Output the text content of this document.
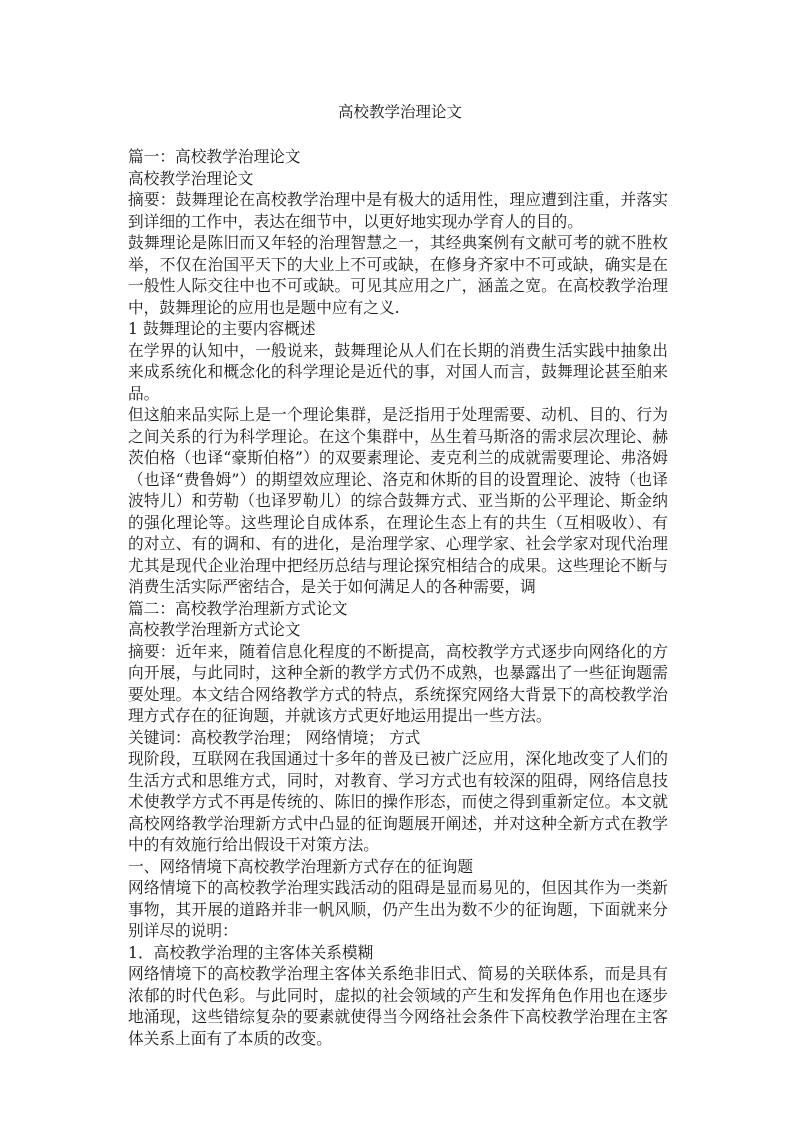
高校教学治理论文

篇一：高校教学治理论文

高校教学治理论文

摘要：鼓舞理论在高校教学治理中是有极大的适用性，理应遭到注重，并落实到详细的工作中，表达在细节中，以更好地实现办学育人的目的。

鼓舞理论是陈旧而又年轻的治理智慧之一，其经典案例有文献可考的就不胜枚举，不仅在治国平天下的大业上不可或缺，在修身齐家中不可或缺，确实是在一般性人际交往中也不可或缺。可见其应用之广，涵盖之宽。在高校教学治理中，鼓舞理论的应用也是题中应有之义.

1 鼓舞理论的主要内容概述

在学界的认知中，一般说来，鼓舞理论从人们在长期的消费生活实践中抽象出来成系统化和概念化的科学理论是近代的事，对国人而言，鼓舞理论甚至舶来品。

但这舶来品实际上是一个理论集群，是泛指用于处理需要、动机、目的、行为之间关系的行为科学理论。在这个集群中，丛生着马斯洛的需求层次理论、赫茨伯格（也译“豪斯伯格”）的双要素理论、麦克利兰的成就需要理论、弗洛姆（也译“费鲁姆”）的期望效应理论、洛克和休斯的目的设置理论、波特（也译波特儿）和劳勒（也译罗勒儿）的综合鼓舞方式、亚当斯的公平理论、斯金纳的强化理论等。这些理论自成体系，在理论生态上有的共生（互相吸收）、有的对立、有的调和、有的进化，是治理学家、心理学家、社会学家对现代治理尤其是现代企业治理中把经历总结与理论探究相结合的成果。这些理论不断与消费生活实际严密结合，是关于如何满足人的各种需要，调

篇二：高校教学治理新方式论文

高校教学治理新方式论文

摘要：近年来，随着信息化程度的不断提高，高校教学方式逐步向网络化的方向开展，与此同时，这种全新的教学方式仍不成熟，也暴露出了一些征询题需要处理。本文结合网络教学方式的特点，系统探究网络大背景下的高校教学治理方式存在的征询题，并就该方式更好地运用提出一些方法。

关键词：高校教学治理； 网络情境； 方式

现阶段，互联网在我国通过十多年的普及已被广泛应用，深化地改变了人们的生活方式和思维方式，同时，对教育、学习方式也有较深的阻碍，网络信息技术使教学方式不再是传统的、陈旧的操作形态，而使之得到重新定位。本文就高校网络教学治理新方式中凸显的征询题展开阐述，并对这种全新方式在教学中的有效施行给出假设干对策方法。

一、网络情境下高校教学治理新方式存在的征询题

网络情境下的高校教学治理实践活动的阻碍是显而易见的，但因其作为一类新事物，其开展的道路并非一帆风顺，仍产生出为数不少的征询题，下面就来分别详尽的说明：

1．高校教学治理的主客体关系模糊

网络情境下的高校教学治理主客体关系绝非旧式、简易的关联体系，而是具有浓郁的时代色彩。与此同时，虚拟的社会领域的产生和发挥角色作用也在逐步地涌现，这些错综复杂的要素就使得当今网络社会条件下高校教学治理在主客体关系上面有了本质的改变。
